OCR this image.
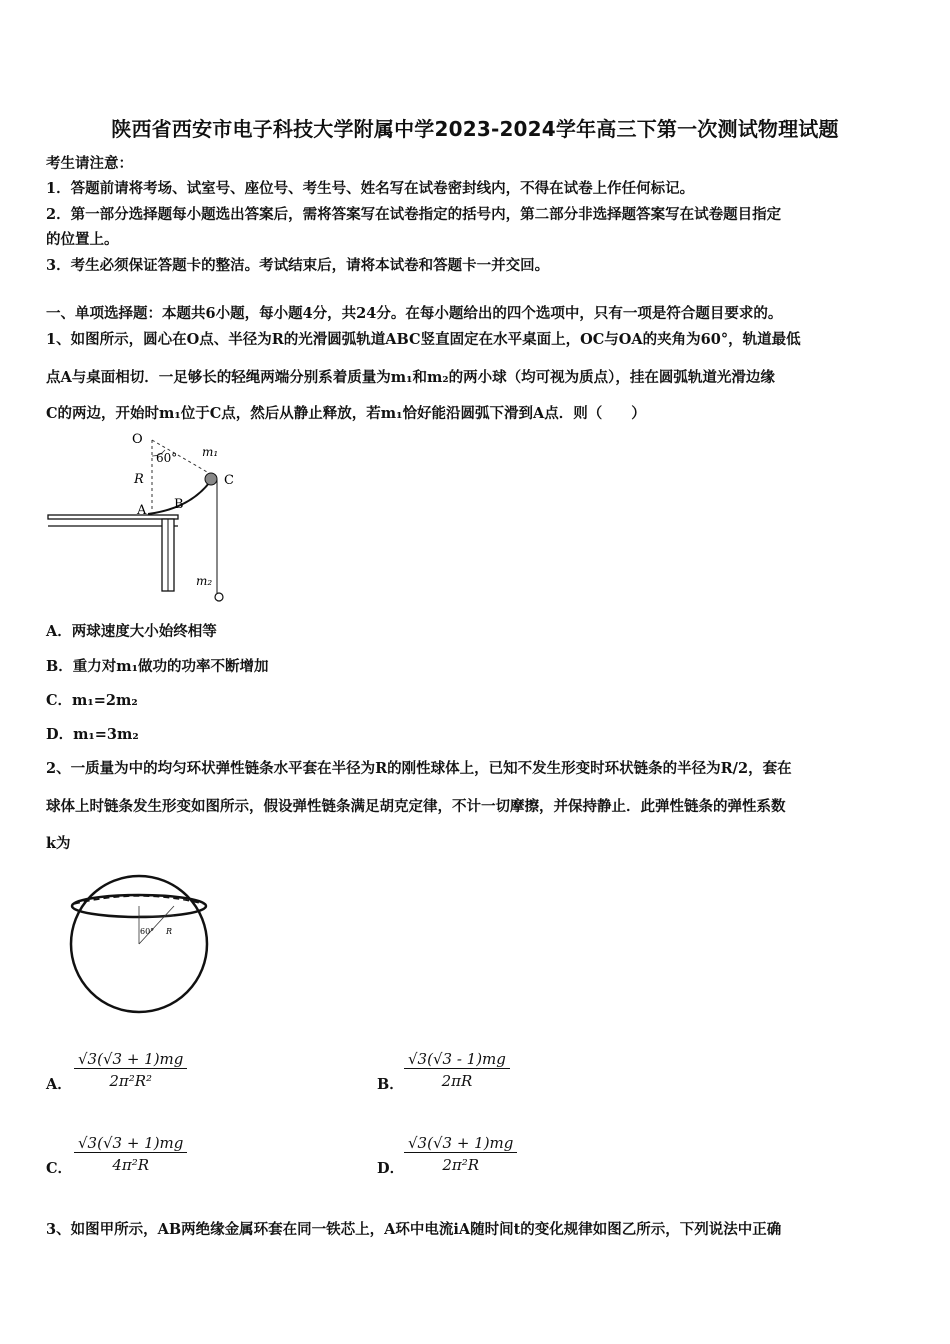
陕西省西安市电子科技大学附属中学2023-2024学年高三下第一次测试物理试题
考生请注意：
1．答题前请将考场、试室号、座位号、考生号、姓名写在试卷密封线内，不得在试卷上作任何标记。
2．第一部分选择题每小题选出答案后，需将答案写在试卷指定的括号内，第二部分非选择题答案写在试卷题目指定
的位置上。
3．考生必须保证答题卡的整洁。考试结束后，请将本试卷和答题卡一并交回。
一、单项选择题：本题共6小题，每小题4分，共24分。在每小题给出的四个选项中，只有一项是符合题目要求的。
1、如图所示，圆心在O点、半径为R的光滑圆弧轨道ABC竖直固定在水平桌面上，OC与OA的夹角为60°，轨道最低
点A与桌面相切．一足够长的轻绳两端分别系着质量为m₁和m₂的两小球（均可视为质点），挂在圆弧轨道光滑边缘
C的两边，开始时m₁位于C点，然后从静止释放，若m₁恰好能沿圆弧下滑到A点．则（　　）
O
60° m₁
C
R
A B
m₂
A．两球速度大小始终相等
B．重力对m₁做功的功率不断增加
C．m₁=2m₂
D．m₁=3m₂
2、一质量为中的均匀环状弹性链条水平套在半径为R的刚性球体上，已知不发生形变时环状链条的半径为R/2，套在
球体上时链条发生形变如图所示，假设弹性链条满足胡克定律，不计一切摩擦，并保持静止．此弹性链条的弹性系数
k为
60° R
A． $\frac{√3(√3 + 1)mg}{\text{2π²R²}}$	B． $\frac{√3(√3 - 1)mg}{2\pi R}$
C． $\frac{√3(√3 + 1)mg}{\text{4π²R}}$	D． $\frac{√3(√3 + 1)mg}{\text{2π²R}}$
3、如图甲所示，AB两绝缘金属环套在同一铁芯上，A环中电流iA随时间t的变化规律如图乙所示，下列说法中正确
